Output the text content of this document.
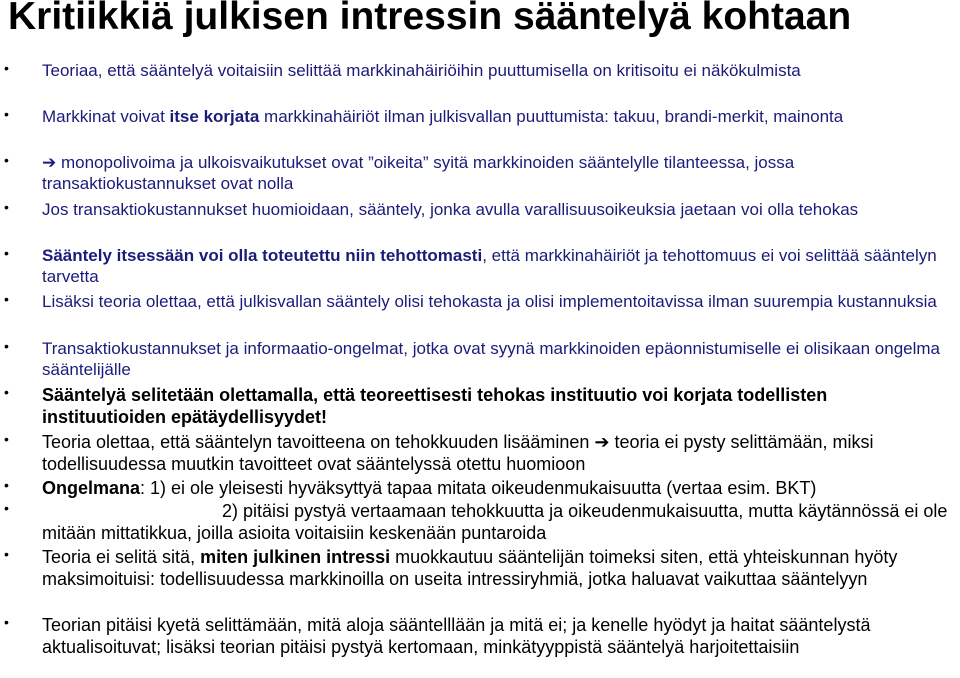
Kritiikkiä julkisen intressin sääntelyä kohtaan
• Teoriaa, että sääntelyä voitaisiin selittää markkinahäiriöihin puuttumisella on kritisoitu ei näkökulmista

• Markkinat voivat itse korjata markkinahäiriöt ilman julkisvallan puuttumista: takuu, brandi-merkit, mainonta

• ➔ monopolivoima ja ulkoisvaikutukset ovat ”oikeita” syitä markkinoiden sääntelylle tilanteessa, jossa transaktiokustannukset ovat nolla

• Jos transaktiokustannukset huomioidaan, sääntely, jonka avulla varallisuusoikeuksia jaetaan voi olla tehokas

• Sääntely itsessään voi olla toteutettu niin tehottomasti, että markkinahäiriöt ja tehottomuus ei voi selittää sääntelyn tarvetta

• Lisäksi teoria olettaa, että julkisvallan sääntely olisi tehokasta ja olisi implementoitavissa ilman suurempia kustannuksia

• Transaktiokustannukset ja informaatio-ongelmat, jotka ovat syynä markkinoiden epäonnistumiselle ei olisikaan ongelma sääntelijälle

• Sääntelyä selitetään olettamalla, että teoreettisesti tehokas instituutio voi korjata todellisten instituutioiden epätäydellisyydet!

• Teoria olettaa, että sääntelyn tavoitteena on tehokkuuden lisääminen ➔ teoria ei pysty selittämään, miksi todellisuudessa muutkin tavoitteet ovat sääntelyssä otettu huomioon

• Ongelmana: 1) ei ole yleisesti hyväksyttyä tapaa mitata oikeudenmukaisuutta (vertaa esim. BKT)

•	2) pitäisi pystyä vertaamaan tehokkuutta ja oikeudenmukaisuutta, mutta käytännössä ei ole mitään mittatikkua, joilla asioita voitaisiin keskenään puntaroida

• Teoria ei selitä sitä, miten julkinen intressi muokkautuu sääntelijän toimeksi siten, että yhteiskunnan hyöty maksimoituisi: todellisuudessa markkinoilla on useita intressiryhmiä, jotka haluavat vaikuttaa sääntelyyn

• Teorian pitäisi kyetä selittämään, mitä aloja sääntelllään ja mitä ei; ja kenelle hyödyt ja haitat sääntelystä aktualisoituvat; lisäksi teorian pitäisi pystyä kertomaan, minkätyyppistä sääntelyä harjoitettaisiin
